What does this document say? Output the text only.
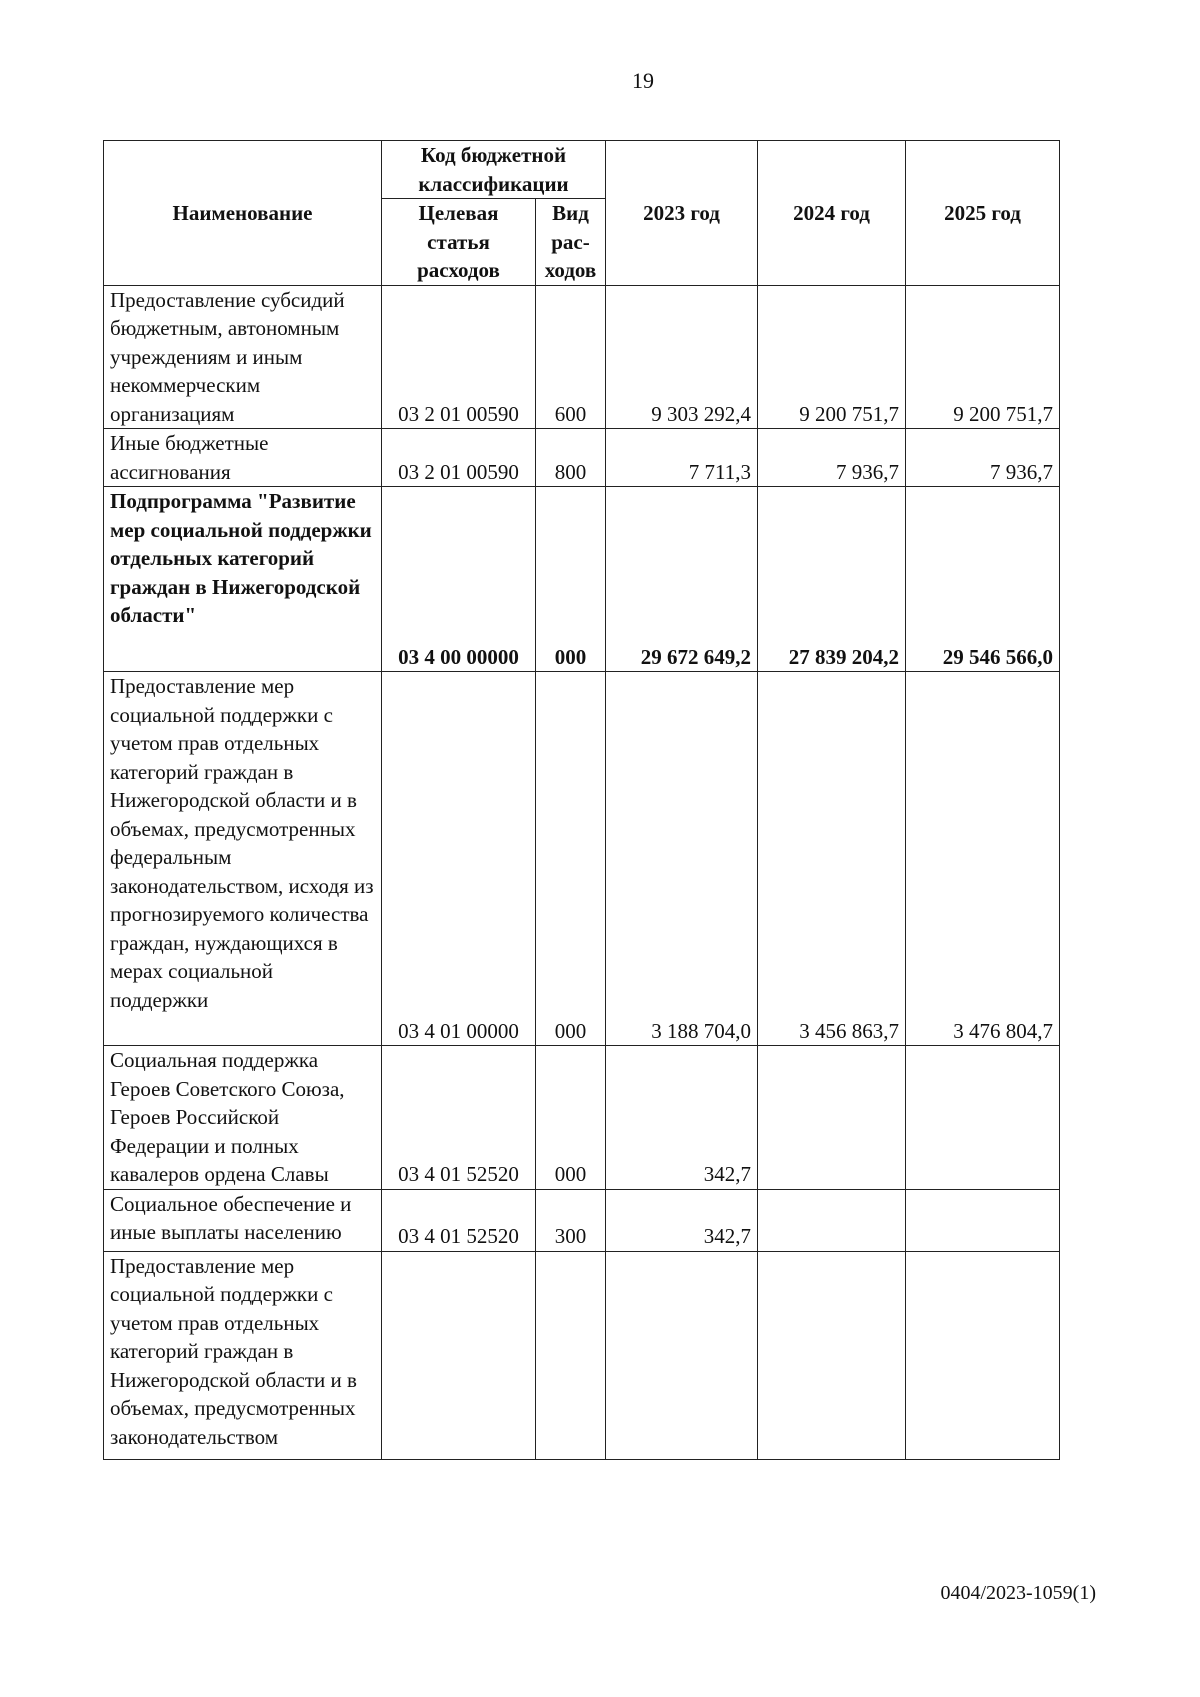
19
Наименование	Код бюджетной классификации		2023 год	2024 год	2025 год
	Целевая статья расходов	Вид рас-ходов			
Предоставление субсидий бюджетным, автономным учреждениям и иным некоммерческим организациям	03 2 01 00590	600	9 303 292,4	9 200 751,7	9 200 751,7
Иные бюджетные ассигнования	03 2 01 00590	800	7 711,3	7 936,7	7 936,7
Подпрограмма "Развитие мер социальной поддержки отдельных категорий граждан в Нижегородской области"	03 4 00 00000	000	29 672 649,2	27 839 204,2	29 546 566,0
Предоставление мер социальной поддержки с учетом прав отдельных категорий граждан в Нижегородской области и в объемах, предусмотренных федеральным законодательством, исходя из прогнозируемого количества граждан, нуждающихся в мерах социальной поддержки	03 4 01 00000	000	3 188 704,0	3 456 863,7	3 476 804,7
Социальная поддержка Героев Советского Союза, Героев Российской Федерации и полных кавалеров ордена Славы	03 4 01 52520	000	342,7		
Социальное обеспечение и иные выплаты населению	03 4 01 52520	300	342,7		
Предоставление мер социальной поддержки с учетом прав отдельных категорий граждан в Нижегородской области и в объемах, предусмотренных законодательством					
0404/2023-1059(1)
